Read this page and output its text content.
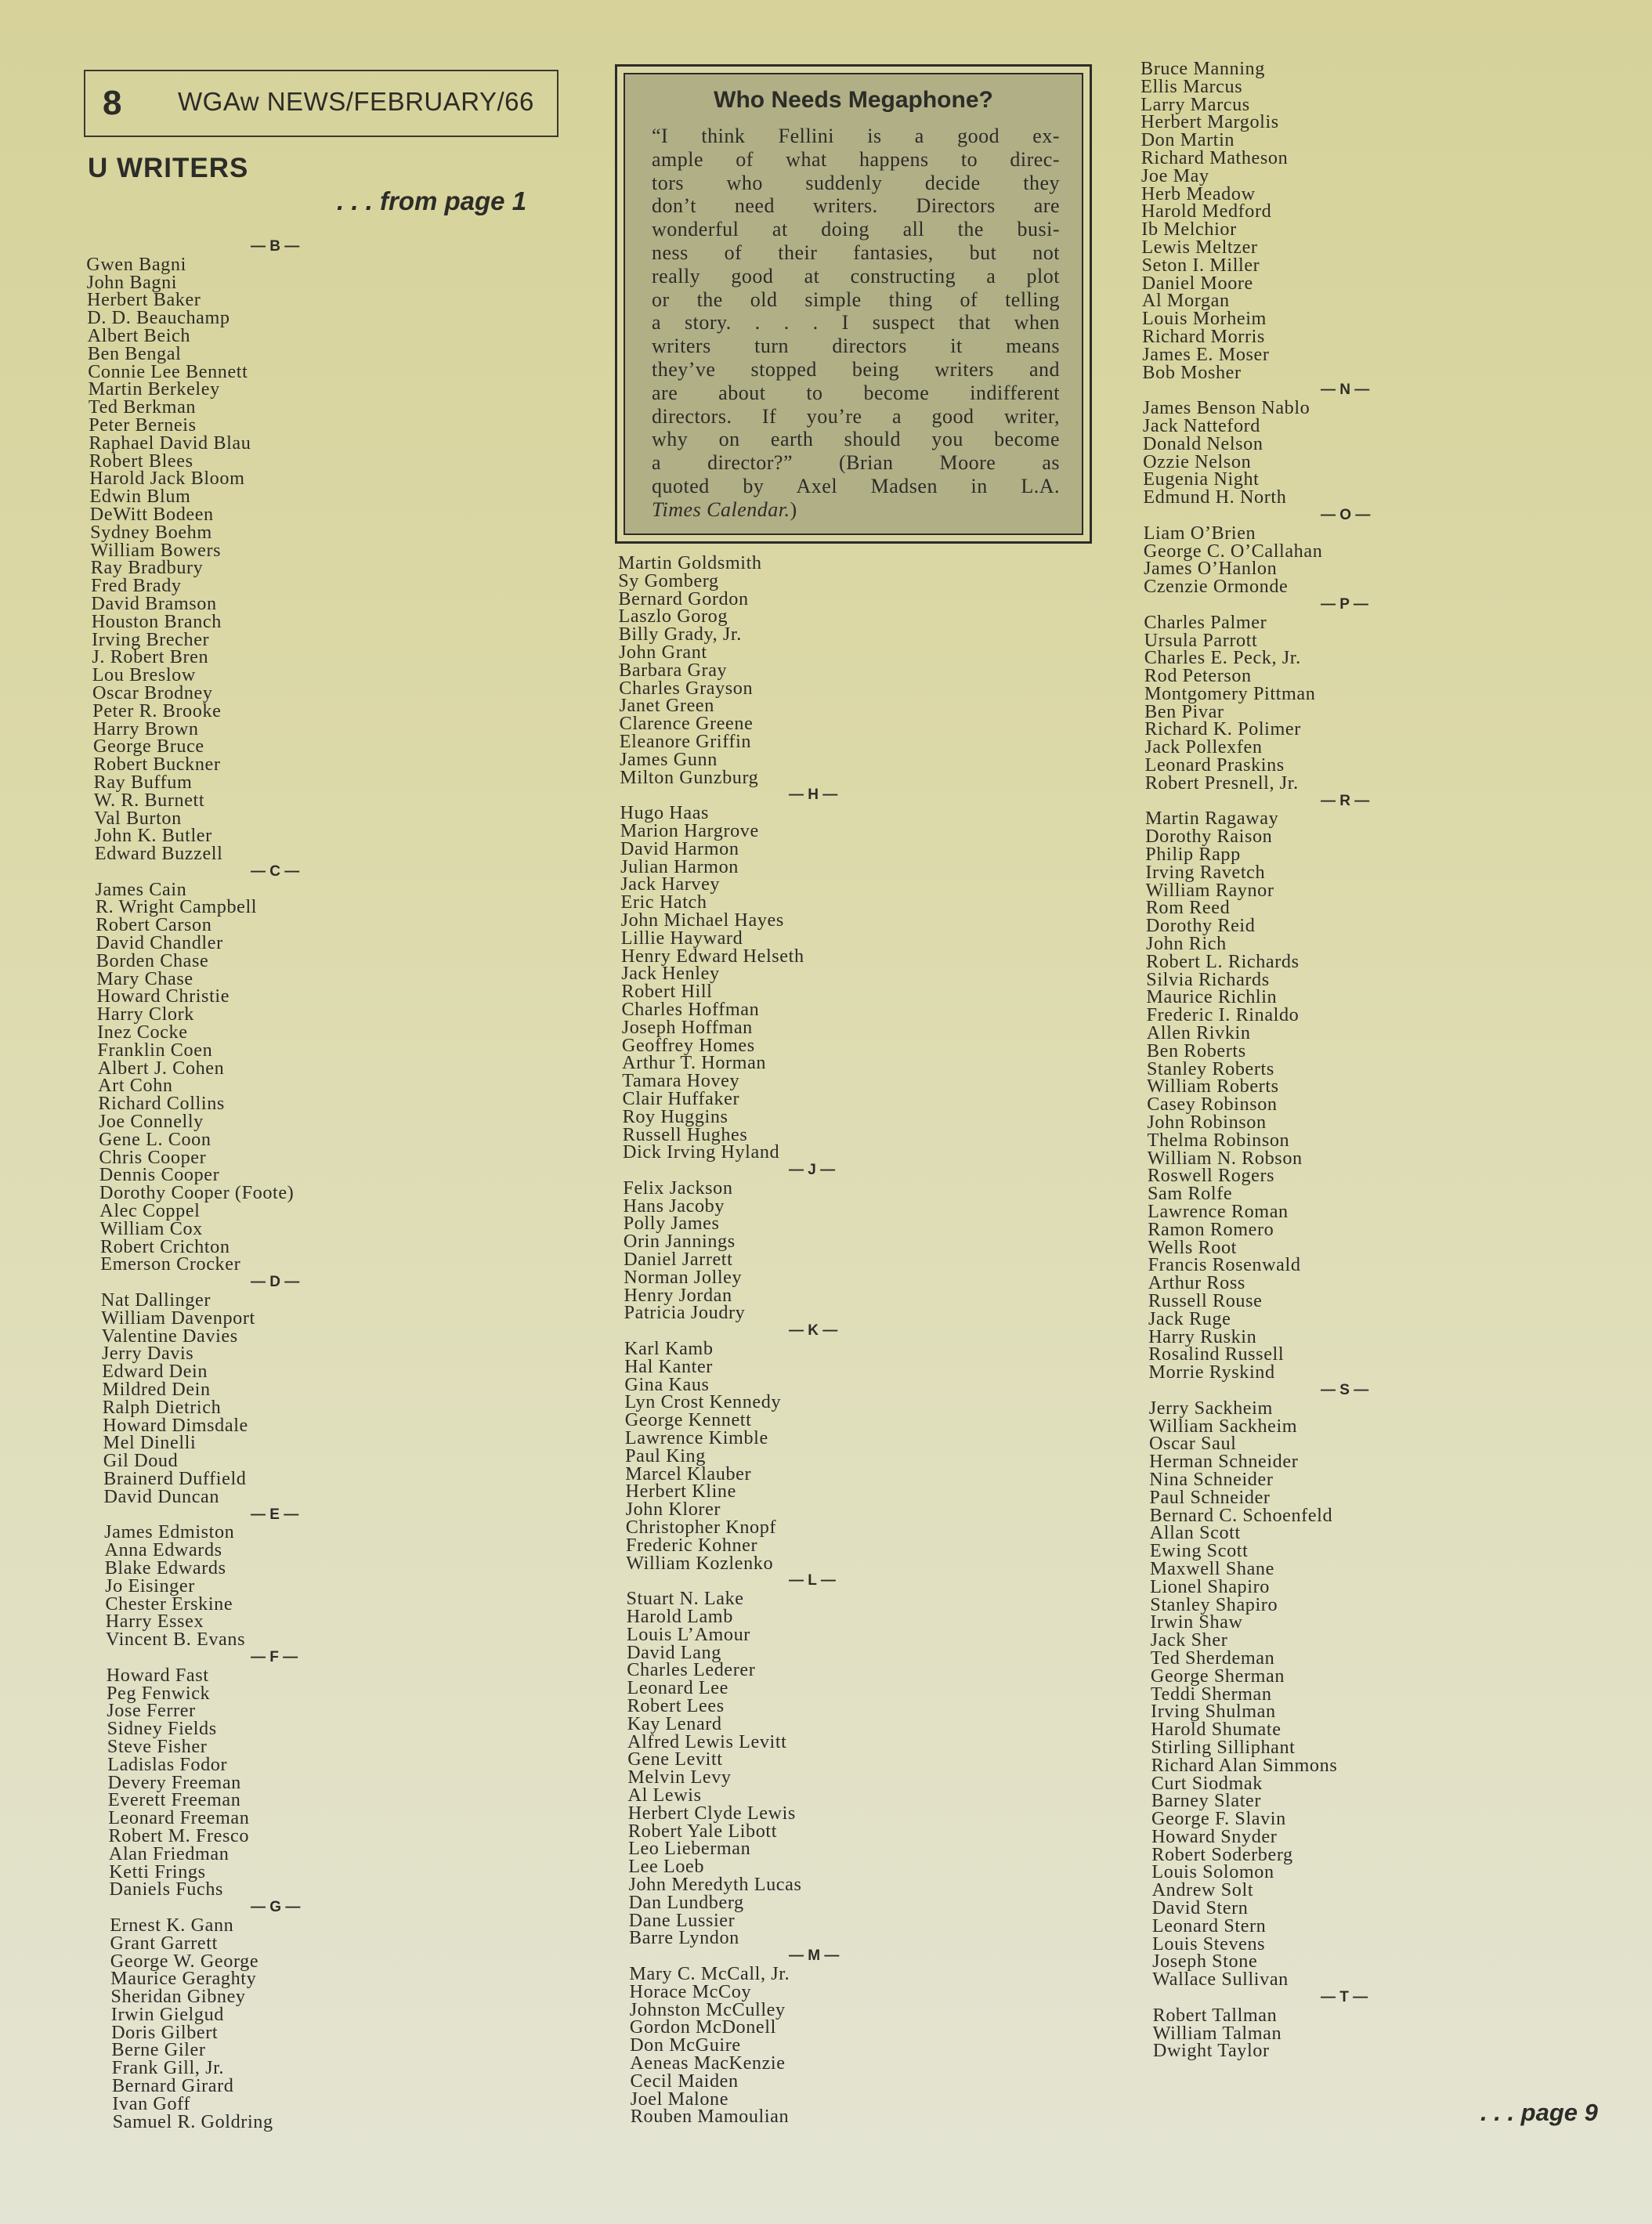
8 WGAw NEWS/FEBRUARY/66
U WRITERS
. . . from page 1
Who Needs Megaphone?
“I think Fellini is a good ex-
ample of what happens to direc-
tors who suddenly decide they
don’t need writers. Directors are
wonderful at doing all the busi-
ness of their fantasies, but not
really good at constructing a plot
or the old simple thing of telling
a story. . . . I suspect that when
writers turn directors it means
they’ve stopped being writers and
are about to become indifferent
directors. If you’re a good writer,
why on earth should you become
a director?” (Brian Moore as
quoted by Axel Madsen in L.A.
Times Calendar.)
— B —
Gwen Bagni
John Bagni
Herbert Baker
D. D. Beauchamp
Albert Beich
Ben Bengal
Connie Lee Bennett
Martin Berkeley
Ted Berkman
Peter Berneis
Raphael David Blau
Robert Blees
Harold Jack Bloom
Edwin Blum
DeWitt Bodeen
Sydney Boehm
William Bowers
Ray Bradbury
Fred Brady
David Bramson
Houston Branch
Irving Brecher
J. Robert Bren
Lou Breslow
Oscar Brodney
Peter R. Brooke
Harry Brown
George Bruce
Robert Buckner
Ray Buffum
W. R. Burnett
Val Burton
John K. Butler
Edward Buzzell
— C —
James Cain
R. Wright Campbell
Robert Carson
David Chandler
Borden Chase
Mary Chase
Howard Christie
Harry Clork
Inez Cocke
Franklin Coen
Albert J. Cohen
Art Cohn
Richard Collins
Joe Connelly
Gene L. Coon
Chris Cooper
Dennis Cooper
Dorothy Cooper (Foote)
Alec Coppel
William Cox
Robert Crichton
Emerson Crocker
— D —
Nat Dallinger
William Davenport
Valentine Davies
Jerry Davis
Edward Dein
Mildred Dein
Ralph Dietrich
Howard Dimsdale
Mel Dinelli
Gil Doud
Brainerd Duffield
David Duncan
— E —
James Edmiston
Anna Edwards
Blake Edwards
Jo Eisinger
Chester Erskine
Harry Essex
Vincent B. Evans
— F —
Howard Fast
Peg Fenwick
Jose Ferrer
Sidney Fields
Steve Fisher
Ladislas Fodor
Devery Freeman
Everett Freeman
Leonard Freeman
Robert M. Fresco
Alan Friedman
Ketti Frings
Daniels Fuchs
— G —
Ernest K. Gann
Grant Garrett
George W. George
Maurice Geraghty
Sheridan Gibney
Irwin Gielgud
Doris Gilbert
Berne Giler
Frank Gill, Jr.
Bernard Girard
Ivan Goff
Samuel R. Goldring
Martin Goldsmith
Sy Gomberg
Bernard Gordon
Laszlo Gorog
Billy Grady, Jr.
John Grant
Barbara Gray
Charles Grayson
Janet Green
Clarence Greene
Eleanore Griffin
James Gunn
Milton Gunzburg
— H —
Hugo Haas
Marion Hargrove
David Harmon
Julian Harmon
Jack Harvey
Eric Hatch
John Michael Hayes
Lillie Hayward
Henry Edward Helseth
Jack Henley
Robert Hill
Charles Hoffman
Joseph Hoffman
Geoffrey Homes
Arthur T. Horman
Tamara Hovey
Clair Huffaker
Roy Huggins
Russell Hughes
Dick Irving Hyland
— J —
Felix Jackson
Hans Jacoby
Polly James
Orin Jannings
Daniel Jarrett
Norman Jolley
Henry Jordan
Patricia Joudry
— K —
Karl Kamb
Hal Kanter
Gina Kaus
Lyn Crost Kennedy
George Kennett
Lawrence Kimble
Paul King
Marcel Klauber
Herbert Kline
John Klorer
Christopher Knopf
Frederic Kohner
William Kozlenko
— L —
Stuart N. Lake
Harold Lamb
Louis L’Amour
David Lang
Charles Lederer
Leonard Lee
Robert Lees
Kay Lenard
Alfred Lewis Levitt
Gene Levitt
Melvin Levy
Al Lewis
Herbert Clyde Lewis
Robert Yale Libott
Leo Lieberman
Lee Loeb
John Meredyth Lucas
Dan Lundberg
Dane Lussier
Barre Lyndon
— M —
Mary C. McCall, Jr.
Horace McCoy
Johnston McCulley
Gordon McDonell
Don McGuire
Aeneas MacKenzie
Cecil Maiden
Joel Malone
Rouben Mamoulian
Bruce Manning
Ellis Marcus
Larry Marcus
Herbert Margolis
Don Martin
Richard Matheson
Joe May
Herb Meadow
Harold Medford
Ib Melchior
Lewis Meltzer
Seton I. Miller
Daniel Moore
Al Morgan
Louis Morheim
Richard Morris
James E. Moser
Bob Mosher
— N —
James Benson Nablo
Jack Natteford
Donald Nelson
Ozzie Nelson
Eugenia Night
Edmund H. North
— O —
Liam O’Brien
George C. O’Callahan
James O’Hanlon
Czenzie Ormonde
— P —
Charles Palmer
Ursula Parrott
Charles E. Peck, Jr.
Rod Peterson
Montgomery Pittman
Ben Pivar
Richard K. Polimer
Jack Pollexfen
Leonard Praskins
Robert Presnell, Jr.
— R —
Martin Ragaway
Dorothy Raison
Philip Rapp
Irving Ravetch
William Raynor
Rom Reed
Dorothy Reid
John Rich
Robert L. Richards
Silvia Richards
Maurice Richlin
Frederic I. Rinaldo
Allen Rivkin
Ben Roberts
Stanley Roberts
William Roberts
Casey Robinson
John Robinson
Thelma Robinson
William N. Robson
Roswell Rogers
Sam Rolfe
Lawrence Roman
Ramon Romero
Wells Root
Francis Rosenwald
Arthur Ross
Russell Rouse
Jack Ruge
Harry Ruskin
Rosalind Russell
Morrie Ryskind
— S —
Jerry Sackheim
William Sackheim
Oscar Saul
Herman Schneider
Nina Schneider
Paul Schneider
Bernard C. Schoenfeld
Allan Scott
Ewing Scott
Maxwell Shane
Lionel Shapiro
Stanley Shapiro
Irwin Shaw
Jack Sher
Ted Sherdeman
George Sherman
Teddi Sherman
Irving Shulman
Harold Shumate
Stirling Silliphant
Richard Alan Simmons
Curt Siodmak
Barney Slater
George F. Slavin
Howard Snyder
Robert Soderberg
Louis Solomon
Andrew Solt
David Stern
Leonard Stern
Louis Stevens
Joseph Stone
Wallace Sullivan
— T —
Robert Tallman
William Talman
Dwight Taylor
. . . page 9
